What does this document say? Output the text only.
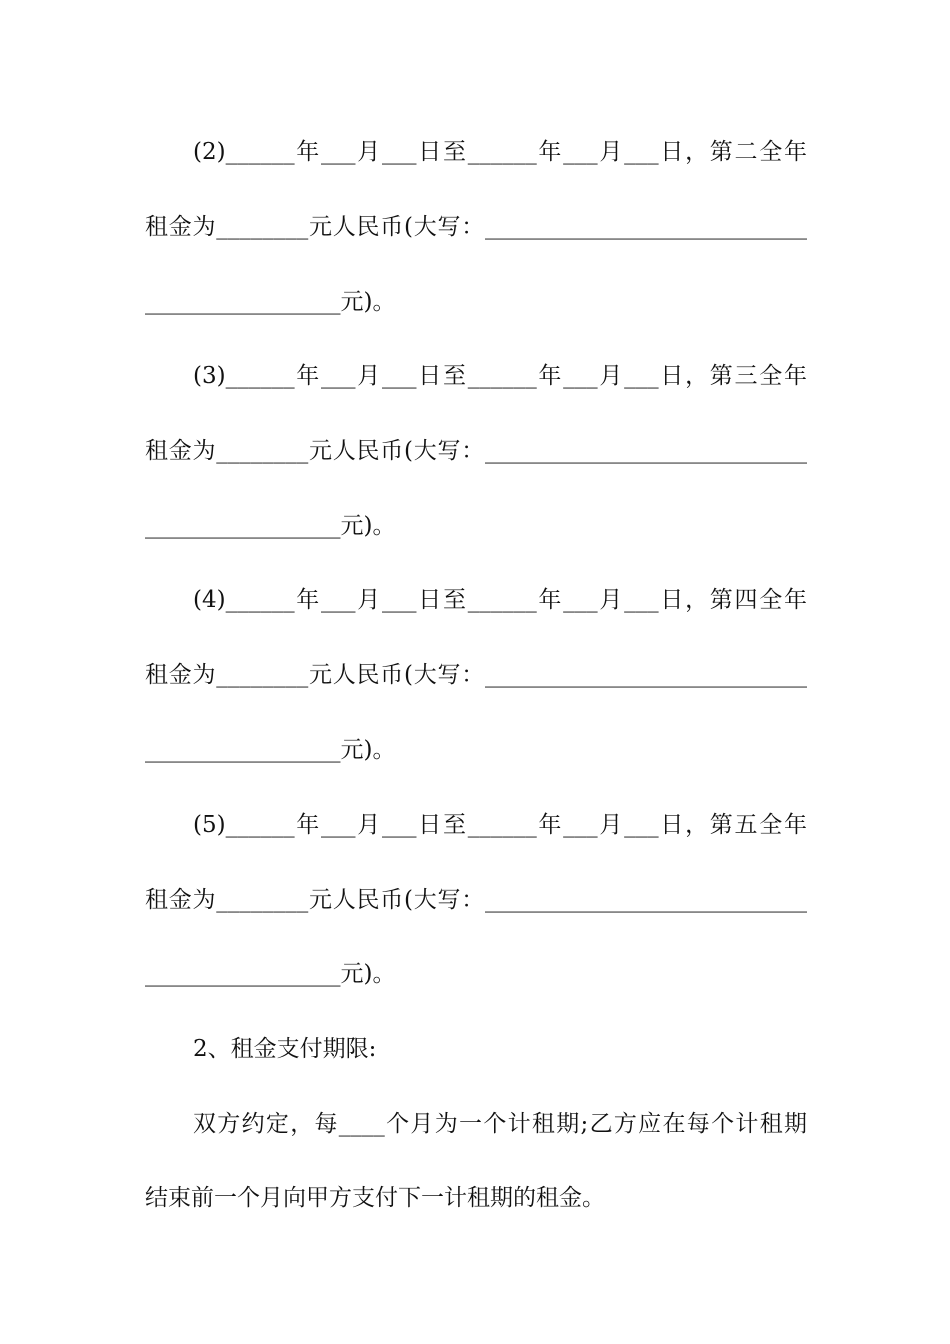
(2)______年___月___日至______年___月___日，第二全年
租金为________元人民币(大写：____________________________
_________________元)。
(3)______年___月___日至______年___月___日，第三全年
租金为________元人民币(大写：____________________________
_________________元)。
(4)______年___月___日至______年___月___日，第四全年
租金为________元人民币(大写：____________________________
_________________元)。
(5)______年___月___日至______年___月___日，第五全年
租金为________元人民币(大写：____________________________
_________________元)。
2、租金支付期限:
双方约定，每____个月为一个计租期;乙方应在每个计租期
结束前一个月向甲方支付下一计租期的租金。
